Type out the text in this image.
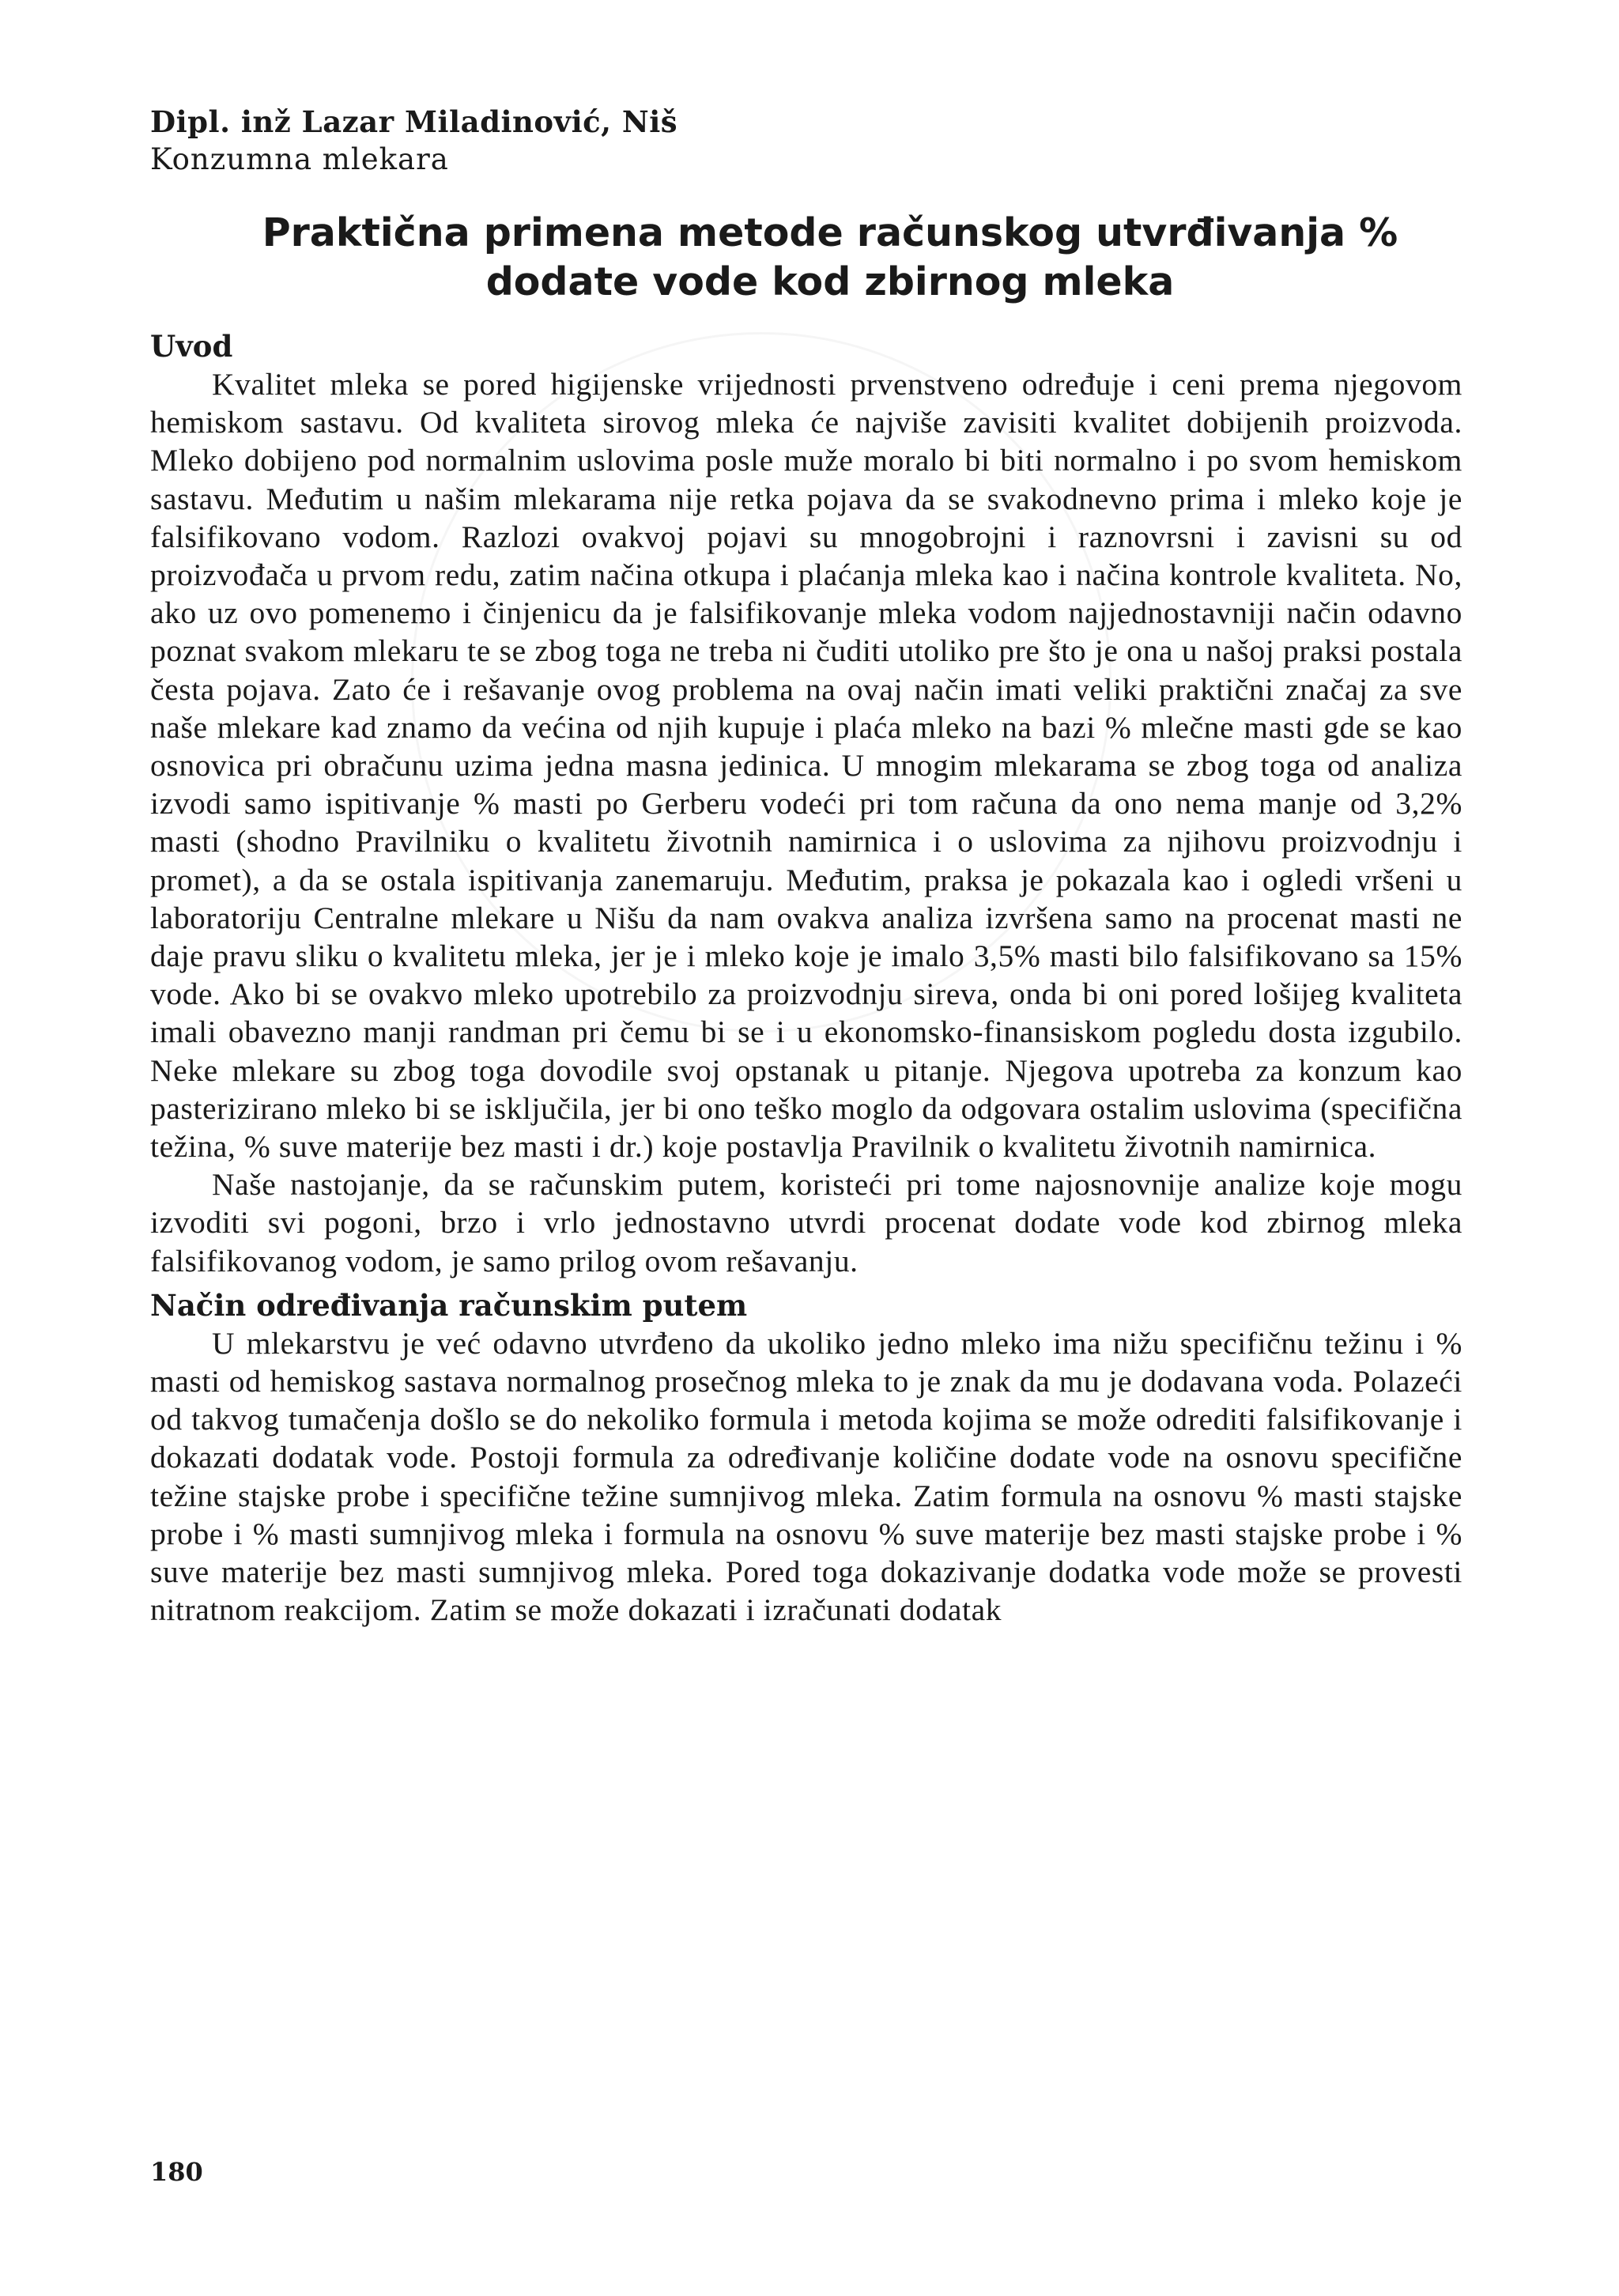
Dipl. inž Lazar Miladinović, Niš

Konzumna mlekara

Praktična primena metode računskog utvrđivanja %
dodate vode kod zbirnog mleka
Uvod

Kvalitet mleka se pored higijenske vrijednosti prvenstveno određuje i ceni prema njegovom hemiskom sastavu. Od kvaliteta sirovog mleka će najviše zavisiti kvalitet dobijenih proizvoda. Mleko dobijeno pod normalnim uslovima posle muže moralo bi biti normalno i po svom hemiskom sastavu. Međutim u našim mlekarama nije retka pojava da se svakodnevno prima i mleko koje je falsifikovano vodom. Razlozi ovakvoj pojavi su mnogobrojni i raznovrsni i zavisni su od proizvođača u prvom redu, zatim načina otkupa i plaćanja mleka kao i načina kontrole kvaliteta. No, ako uz ovo pomenemo i činjenicu da je falsifikovanje mleka vodom najjednostavniji način odavno poznat svakom mlekaru te se zbog toga ne treba ni čuditi utoliko pre što je ona u našoj praksi postala česta pojava. Zato će i rešavanje ovog problema na ovaj način imati veliki praktični značaj za sve naše mlekare kad znamo da većina od njih kupuje i plaća mleko na bazi % mlečne masti gde se kao osnovica pri obračunu uzima jedna masna jedinica. U mnogim mlekarama se zbog toga od analiza izvodi samo ispitivanje % masti po Gerberu vodeći pri tom računa da ono nema manje od 3,2% masti (shodno Pravilniku o kvalitetu životnih namirnica i o uslovima za njihovu proizvodnju i promet), a da se ostala ispitivanja zanemaruju. Međutim, praksa je pokazala kao i ogledi vršeni u laboratoriju Centralne mlekare u Nišu da nam ovakva analiza izvršena samo na procenat masti ne daje pravu sliku o kvalitetu mleka, jer je i mleko koje je imalo 3,5% masti bilo falsifikovano sa 15% vode. Ako bi se ovakvo mleko upotrebilo za proizvodnju sireva, onda bi oni pored lošijeg kvaliteta imali obavezno manji randman pri čemu bi se i u ekonomsko-finansiskom pogledu dosta izgubilo. Neke mlekare su zbog toga dovodile svoj opstanak u pitanje. Njegova upotreba za konzum kao pasterizirano mleko bi se isključila, jer bi ono teško moglo da odgovara ostalim uslovima (specifična težina, % suve materije bez masti i dr.) koje postavlja Pravilnik o kvalitetu životnih namirnica.

Naše nastojanje, da se računskim putem, koristeći pri tome najosnovnije analize koje mogu izvoditi svi pogoni, brzo i vrlo jednostavno utvrdi procenat dodate vode kod zbirnog mleka falsifikovanog vodom, je samo prilog ovom rešavanju.

Način određivanja računskim putem

U mlekarstvu je već odavno utvrđeno da ukoliko jedno mleko ima nižu specifičnu težinu i % masti od hemiskog sastava normalnog prosečnog mleka to je znak da mu je dodavana voda. Polazeći od takvog tumačenja došlo se do nekoliko formula i metoda kojima se može odrediti falsifikovanje i dokazati dodatak vode. Postoji formula za određivanje količine dodate vode na osnovu specifične težine stajske probe i specifične težine sumnjivog mleka. Zatim formula na osnovu % masti stajske probe i % masti sumnjivog mleka i formula na osnovu % suve materije bez masti stajske probe i % suve materije bez masti sumnjivog mleka. Pored toga dokazivanje dodatka vode može se provesti nitratnom reakcijom. Zatim se može dokazati i izračunati dodatak

180
